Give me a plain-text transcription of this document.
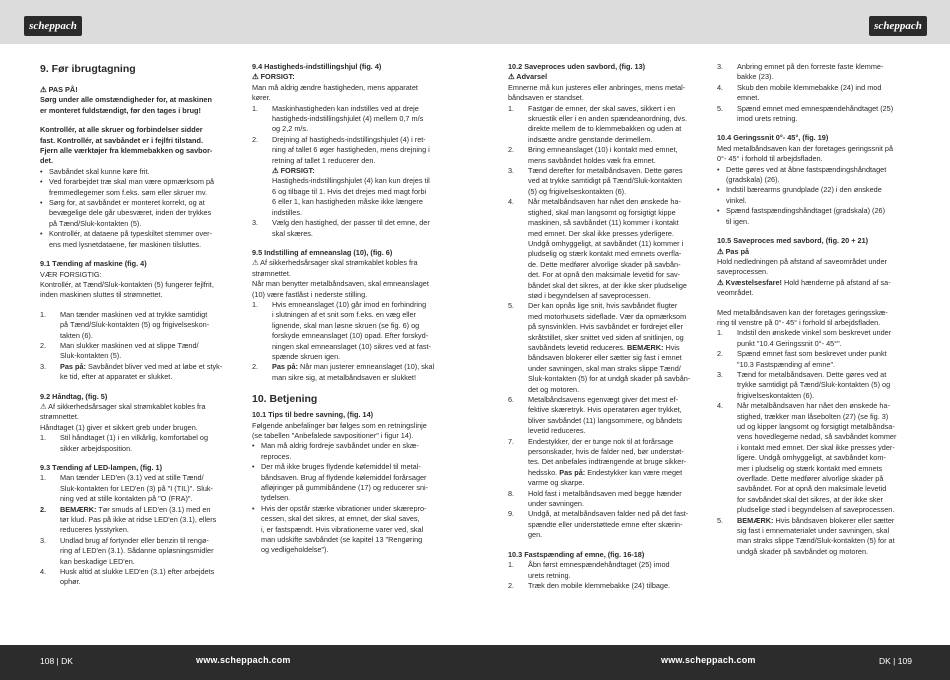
scheppach	scheppach

9. Før ibrugtagning

⚠ PAS PÅ!

Sørg under alle omstændigheder for, at maskinen

er monteret fuldstændigt, før den tages i brug!

Kontrollér, at alle skruer og forbindelser sidder

fast. Kontrollér, at savbåndet er i fejlfri tilstand.

Fjern alle værktøjer fra klemmebakken og savbor-

det.

• Savbåndet skal kunne køre frit.
• Ved forarbejdet træ skal man være opmærksom på
fremmedlegemer som f.eks. søm eller skruer mv.
• Sørg for, at savbåndet er monteret korrekt, og at
bevægelige dele går ubesværet, inden der trykkes
på Tænd/Sluk-kontakten (5).
• Kontrollér, at dataene på typeskiltet stemmer over-
ens med lysnetdataene, før maskinen tilsluttes.

9.1 Tænding af maskine (fig. 4)

VÆR FORSIGTIG:

Kontrollér, at Tænd/Sluk-kontakten (5) fungerer fejlfrit,

inden maskinen sluttes til strømnettet.

1.	Man tænder maskinen ved at trykke samtidigt
på Tænd/Sluk-kontakten (5) og frigivelseskon-
takten (6).
2.	Man slukker maskinen ved at slippe Tænd/
Sluk-kontakten (5).
3.	Pas på: Savbåndet bliver ved med at løbe et styk-
ke tid, efter at apparatet er slukket.

9.2 Håndtag, (fig. 5)

⚠ Af sikkerhedsårsager skal strømkablet kobles fra

strømnettet.

Håndtaget (1) giver et sikkert greb under brugen.

1.	Stil håndtaget (1) i en vilkårlig, komfortabel og
sikker arbejdsposition.

9.3 Tænding af LED-lampen, (fig. 1)

1.	Man tænder LED'en (3.1) ved at stille Tænd/
Sluk-kontakten for LED'en (3) på "I (TIL)". Sluk-
ning ved at stille kontakten på "O (FRA)".
2.	BEMÆRK: Tør smuds af LED'en (3.1) med en
tør klud. Pas på ikke at ridse LED'en (3.1), ellers
reduceres lysstyrken.
3.	Undlad brug af fortynder eller benzin til rengø-
ring af LED'en (3.1). Sådanne opløsningsmidler
kan beskadige LED'en.
4.	Husk altid at slukke LED'en (3.1) efter arbejdets
ophør.

9.4 Hastigheds-indstillingshjul (fig. 4)

⚠ FORSIGT:

Man må aldrig ændre hastigheden, mens apparatet

kører.

1.	Maskinhastigheden kan indstilles ved at dreje
hastigheds-indstillingshjulet (4) mellem 0,7 m/s
og 2,2 m/s.
2.	Drejning af hastigheds-indstillingshjulet (4) i ret-
ning af tallet 6 øger hastigheden, mens drejning i
retning af tallet 1 reducerer den.
⚠ FORSIGT:
Hastigheds-indstillingshjulet (4) kan kun drejes til
6 og tilbage til 1. Hvis det drejes med magt forbi
6 eller 1, kan hastigheden måske ikke længere
indstilles.
3.	Vælg den hastighed, der passer til det emne, der
skal skæres.

9.5 Indstilling af emneanslag (10), (fig. 6)

⚠ Af sikkerhedsårsager skal strømkablet kobles fra

strømnettet.

Når man benytter metalbåndsaven, skal emneanslaget

(10) være fastlåst i nederste stilling.

1.	Hvis emneanslaget (10) går imod en forhindring
i slutningen af et snit som f.eks. en væg eller
lignende, skal man løsne skruen (se fig. 6) og
forskyde emneanslaget (10) opad. Efter forskyd-
ningen skal emneanslaget (10) sikres ved at fast-
spænde skruen igen.
2.	Pas på: Når man justerer emneanslaget (10), skal
man sikre sig, at metalbåndsaven er slukket!

10. Betjening

10.1 Tips til bedre savning, (fig. 14)

Følgende anbefalinger bør følges som en retningslinje

(se tabellen "Anbefalede savpositioner" i figur 14).

• Man må aldrig fordreje savbåndet under en skæ-
reproces.
• Der må ikke bruges flydende kølemiddel til metal-
båndsaven. Brug af flydende kølemiddel forårsager
afløjringer på gummibåndene (17) og reducerer sni-
tydelsen.
• Hvis der opstår stærke vibrationer under skærepro-
cessen, skal det sikres, at emnet, der skal saves,
i, er fastspændt. Hvis vibrationerne varer ved, skal
man udskifte savbåndet (se kapitel 13 "Rengøring
og vedligeholdelse").

10.2 Saveproces uden savbord, (fig. 13)

⚠ Advarsel

Emnerne må kun justeres eller anbringes, mens metal-

båndsaven er standset.

1.	Fastgør de emner, der skal saves, sikkert i en
skruestik eller i en anden spændeanordning, dvs.
direkte mellem de to klemmebakken og uden at
indsætte andre genstande derimellem.
2.	Bring emneanslaget (10) i kontakt med emnet,
mens savbåndet holdes væk fra emnet.
3.	Tænd derefter for metalbåndsaven. Dette gøres
ved at trykke samtidigt på Tænd/Sluk-kontakten
(5) og frigivelseskontakten (6).
4.	Når metalbåndsaven har nået den ønskede ha-
stighed, skal man langsomt og forsigtigt kippe
maskinen, så savbåndet (11) kommer i kontakt
med emnet. Der skal ikke presses yderligere.
Undgå omhyggeligt, at savbåndet (11) kommer i
pludselig og stærk kontakt med emnets overfla-
de. Dette medfører alvorlige skader på savbån-
det. For at opnå den maksimale levetid for sav-
båndet skal det sikres, at der ikke sker pludselige
stød i begyndelsen af saveprocessen.
5.	Der kan opnås lige snit, hvis savbåndet flugter
med motorhusets sideflade. Vær da opmærksom
på synsvinklen. Hvis savbåndet er fordrejet eller
skråtstillet, sker snittet ved siden af snitlinjen, og
savbåndets levetid reduceres. BEMÆRK: Hvis
båndsaven blokerer eller sætter sig fast i emnet
under savningen, skal man straks slippe Tænd/
Sluk-kontakten (5) for at undgå skader på savbån-
det og motoren.
6.	Metalbåndsavens egenvægt giver det mest ef-
fektive skæretryk. Hvis operatøren øger trykket,
bliver savbåndet (11) langsommere, og båndets
levetid reduceres.
7.	Endestykker, der er tunge nok til at forårsage
personskader, hvis de falder ned, bør understøt-
tes. Det anbefales indtrængende at bruge sikker-
hedssko. Pas på: Endestykker kan være meget
varme og skarpe.
8.	Hold fast i metalbåndsaven med begge hænder
under savningen.
9.	Undgå, at metalbåndsaven falder ned på det fast-
spændte eller understøttede emne efter skærin-
gen.

10.3 Fastspænding af emne, (fig. 16-18)

1.	Åbn først emnespændehåndtaget (25) imod
urets retning.
2.	Træk den mobile klemmebakke (24) tilbage.
3.	Anbring emnet på den forreste faste klemme-
bakke (23).
4.	Skub den mobile klemmebakke (24) ind mod
emnet.
5.	Spænd emnet med emnespændehåndtaget (25)
imod urets retning.

10.4 Geringssnit 0°- 45°, (fig. 19)

Med metalbåndsaven kan der foretages geringssnit på

0°- 45° i forhold til arbejdsfladen.

• Dette gøres ved at åbne fastspændingshåndtaget
(gradskala) (26).
• Indstil bærearms grundplade (22) i den ønskede
vinkel.
• Spænd fastspændingshåndtaget (gradskala) (26)
til igen.

10.5 Saveproces med savbord, (fig. 20 + 21)

⚠ Pas på

Hold nedledningen på afstand af saveområdet under

saveprocessen.

⚠ Kvæstelsesfare! Hold hænderne på afstand af sa-

veområdet.

Med metalbåndsaven kan der foretages geringsskæ-

ring til venstre på 0°- 45° i forhold til arbejdsfladen.

1.	Indstil den ønskede vinkel som beskrevet under
punkt "10.4 Geringssnit 0°- 45°".
2.	Spænd emnet fast som beskrevet under punkt
"10.3 Fastspænding af emne".
3.	Tænd for metalbåndsaven. Dette gøres ved at
trykke samtidigt på Tænd/Sluk-kontakten (5) og
frigivelseskontakten (6).
4.	Når metalbåndsaven har nået den ønskede ha-
stighed, trækker man låsebolten (27) (se fig. 3)
ud og kipper langsomt og forsigtigt metalbåndsa-
vens hovedlegeme nedad, så savbåndet kommer
i kontakt med emnet. Der skal ikke presses yder-
ligere. Undgå omhyggeligt, at savbåndet kom-
mer i pludselig og stærk kontakt med emnets
overflade. Dette medfører alvorlige skader på
savbåndet. For at opnå den maksimale levetid
for savbåndet skal det sikres, at der ikke sker
pludselige stød i begyndelsen af saveprocessen.
5.	BEMÆRK: Hvis båndsaven blokerer eller sætter
sig fast i emnematerialet under savningen, skal
man straks slippe Tænd/Sluk-kontakten (5) for at
undgå skader på savbåndet og motoren.
108 | DK	www.scheppach.com	www.scheppach.com	DK | 109
